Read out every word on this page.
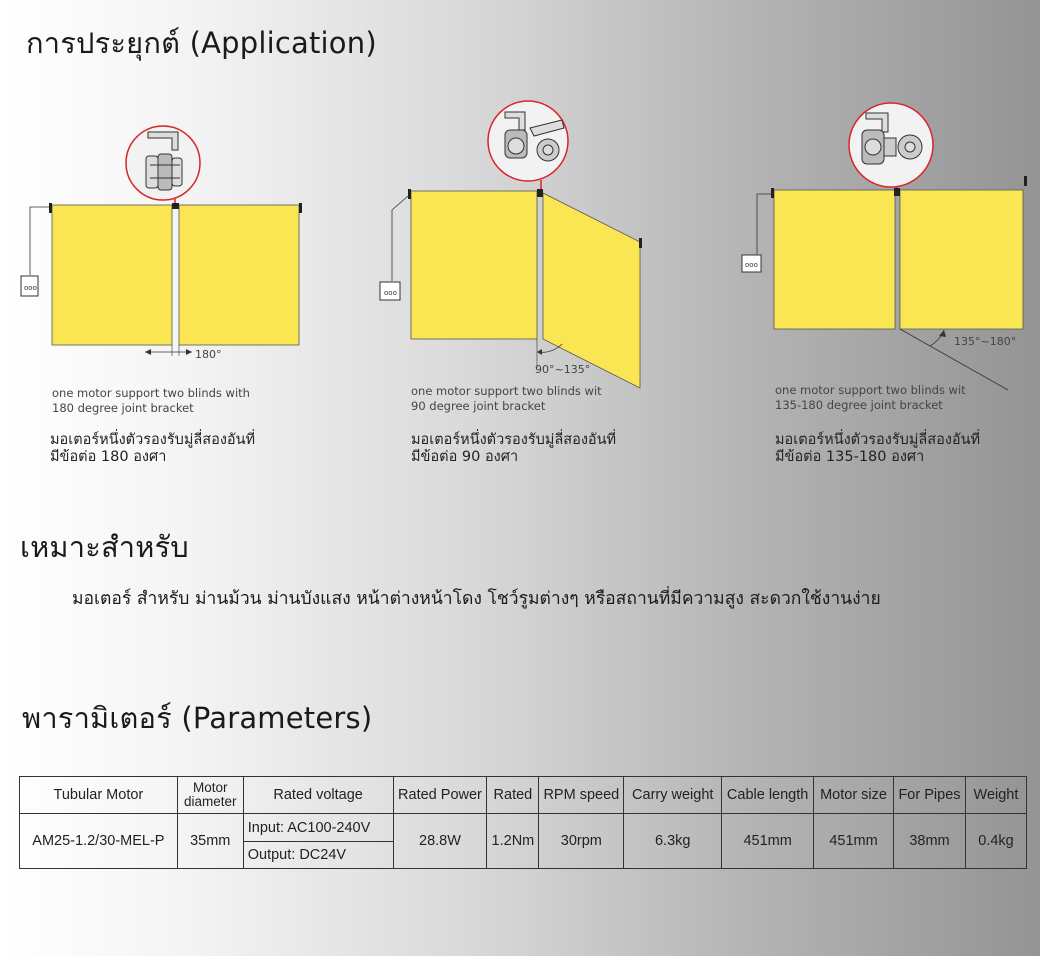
การประยุกต์ (Application)
ooo
180°
ooo
90°~135°
ooo
135°~180°
one motor support two blinds with
180 degree joint bracket
มอเตอร์หนึ่งตัวรองรับมู่ลี่สองอันที่
มีข้อต่อ 180 องศา
one motor support two blinds wit
90 degree joint bracket
มอเตอร์หนึ่งตัวรองรับมู่ลี่สองอันที่
มีข้อต่อ 90 องศา
one motor support two blinds wit
135-180 degree joint bracket
มอเตอร์หนึ่งตัวรองรับมู่ลี่สองอันที่
มีข้อต่อ 135-180 องศา
เหมาะสำหรับ
มอเตอร์ สำหรับ ม่านม้วน ม่านบังแสง หน้าต่างหน้าโดง โชว์รูมต่างๆ หรือสถานที่มีความสูง สะดวกใช้งานง่าย
พารามิเตอร์ (Parameters)
Tubular Motor	Motor diameter	Rated voltage	Rated Power	Rated	RPM speed	Carry weight	Cable length	Motor size	For Pipes	Weight
AM25-1.2/30-MEL-P	35mm	Input: AC100-240V
Output: DC24V	28.8W	1.2Nm	30rpm	6.3kg	451mm	451mm	38mm	0.4kg
